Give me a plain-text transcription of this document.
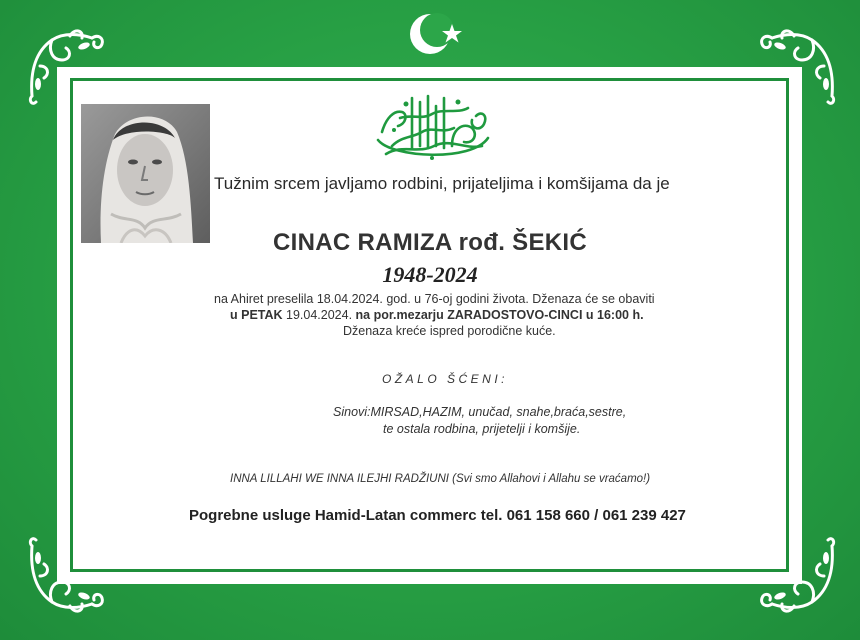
Tužnim srcem javljamo rodbini, prijateljima i komšijama da je
CINAC RAMIZA rođ. ŠEKIĆ
1948-2024
na Ahiret preselila 18.04.2024. god. u 76-oj godini života. Dženaza će se obaviti
u PETAK 19.04.2024. na por.mezarju ZARADOSTOVO-CINCI u 16:00 h.
Dženaza kreće ispred porodične kuće.
OŽALO ŠĆENI:
Sinovi:MIRSAD,HAZIM, unučad, snahe,braća,sestre,
te ostala rodbina, prijetelji i komšije.
INNA LILLAHI WE INNA ILEJHI RADŽIUNI (Svi smo Allahovi i Allahu se vraćamo!)
Pogrebne usluge Hamid-Latan commerc tel. 061 158 660 / 061 239 427
